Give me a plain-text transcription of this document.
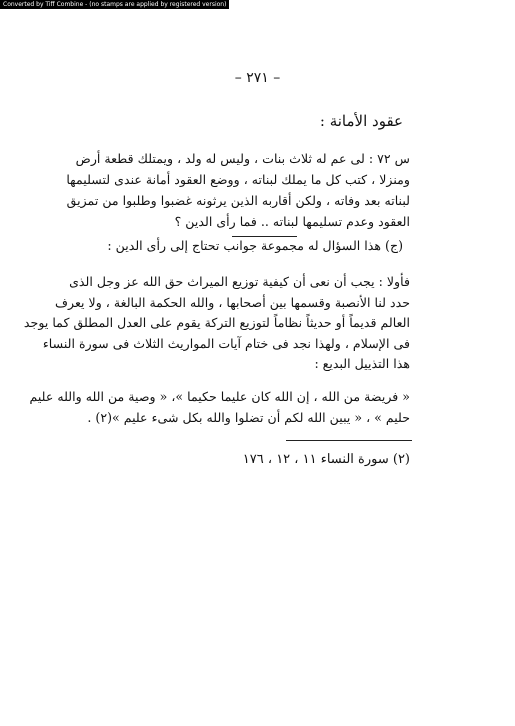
Converted by Tiff Combine - (no stamps are applied by registered version)
– ٢٧١ –
عقود الأمانة :
س ٧٢ : لى عم له ثلاث بنات ، وليس له ولد ، ويمتلك قطعة أرض
ومنزلا ، كتب كل ما يملك لبناته ، ووضع العقود أمانة عندى لتسليمها
لبناته بعد وفاته ، ولكن أقاربه الذين يرثونه غضبوا وطلبوا من تمزيق
العقود وعدم تسليمها لبناته .. فما رأى الدين ؟
(ج) هذا السؤال له مجموعة جوانب تحتاج إلى رأى الدين :
فأولا : يجب أن نعى أن كيفية توزيع الميراث حق الله عز وجل الذى
حدد لنا الأنصبة وقسمها بين أصحابها ، والله الحكمة البالغة ، ولا يعرف
العالم قديماً أو حديثاً نظاماً لتوزيع التركة يقوم على العدل المطلق كما يوجد
فى الإسلام ، ولهذا نجد فى ختام آيات المواريث الثلاث فى سورة النساء
هذا التذييل البديع :
« فريضة من الله ، إن الله كان عليما حكيما »، « وصية من الله والله عليم
حليم » ، « يبين الله لكم أن تضلوا والله بكل شىء عليم »(٢) .
(٢) سورة النساء ١١ ، ١٢ ، ١٧٦
